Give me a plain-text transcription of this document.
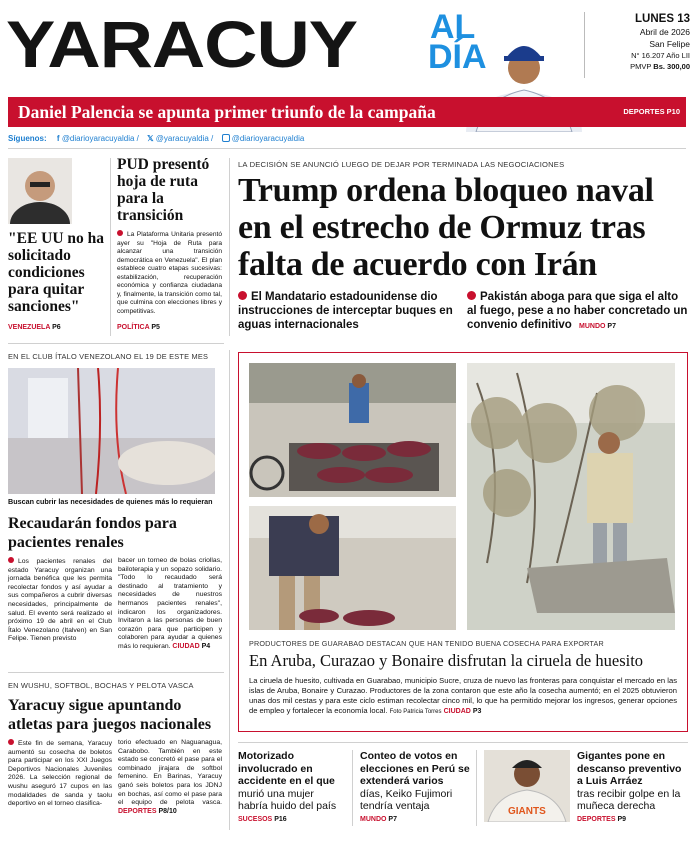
YARACUY AL
DÍA
LUNES 13
Abril de 2026
San Felipe
N° 16.207 Año LII
PMVP Bs. 300,00
Daniel Palencia se apunta primer triunfo de la campaña	DEPORTES P10
Síguenos: f @diarioyaracuyaldia / 𝕏 @yaracuyaldia / @diarioyaracuyaldia
"EE UU no ha solicitado condiciones para quitar sanciones"
VENEZUELA P6
PUD presentó hoja de ruta para la transición
La Plataforma Unitaria presentó ayer su "Hoja de Ruta para alcanzar una transición democrática en Venezuela". El plan establece cuatro etapas sucesivas: estabilización, recuperación económica y confianza ciudadana y, finalmente, la transición como tal, que culmina con elecciones libres y competitivas.
POLÍTICA P5
LA DECISIÓN SE ANUNCIÓ LUEGO DE DEJAR POR TERMINADA LAS NEGOCIACIONES
Trump ordena bloqueo naval en el estrecho de Ormuz tras falta de acuerdo con Irán
El Mandatario estadounidense dio instrucciones de interceptar buques en aguas internacionales
Pakistán aboga para que siga el alto al fuego, pese a no haber concretado un convenio definitivo MUNDO P7
EN EL CLUB ÍTALO VENEZOLANO EL 19 DE ESTE MES
Buscan cubrir las necesidades de quienes más lo requieran
Recaudarán fondos para pacientes renales
Los pacientes renales del estado Yaracuy organizan una jornada benéfica que les permita recolectar fondos y así ayudar a sus compañeros a cubrir diversas necesidades, principalmente de salud. El evento será realizado el próximo 19 de abril en el Club Ítalo Venezolano (Italven) en San Felipe. Tienen previsto
bacer un torneo de bolas criollas, bailoterapia y un sopazo solidario. "Todo lo recaudado será destinado al tratamiento y necesidades de nuestros hermanos pacientes renales", indicaron los organizadores. Invitaron a las personas de buen corazón para que participen y colaboren para ayudar a quienes más lo requieran. CIUDAD P4
EN WUSHU, SOFTBOL, BOCHAS Y PELOTA VASCA
Yaracuy sigue apuntando atletas para juegos nacionales
Este fin de semana, Yaracuy aumentó su cosecha de boletos para participar en los XXI Juegos Deportivos Nacionales Juveniles 2026. La selección regional de wushu aseguró 17 cupos en las modalidades de sanda y taolu deportivo en el torneo clasifica-
torio efectuado en Naguanagua, Carabobo. También en este estado se concretó el pase para el combinado jirajara de softbol femenino. En Barinas, Yaracuy ganó seis boletos para los JDNJ en bochas, así como el pase para el equipo de pelota vasca. DEPORTES P8/10
PRODUCTORES DE GUARABAO DESTACAN QUE HAN TENIDO BUENA COSECHA PARA EXPORTAR
En Aruba, Curazao y Bonaire disfrutan la ciruela de huesito
La ciruela de huesito, cultivada en Guarabao, municipio Sucre, cruza de nuevo las fronteras para conquistar el mercado en las islas de Aruba, Bonaire y Curazao. Productores de la zona contaron que este año la cosecha aumentó; en el 2025 obtuvieron unas dos mil cestas y para este ciclo estiman recolectar cinco mil, lo que ha permitido mejorar los ingresos, generar opciones de empleo y fortalecer la economía local. Foto Patricia Torres CIUDAD P3
Motorizado involucrado en accidente en el que
murió una mujer habría huido del país
SUCESOS P16
Conteo de votos en elecciones en Perú se extenderá varios
días, Keiko Fujimori tendría ventaja
MUNDO P7
GIANTS
Gigantes pone en descanso preventivo a Luis Arráez
tras recibir golpe en la muñeca derecha
DEPORTES P9
